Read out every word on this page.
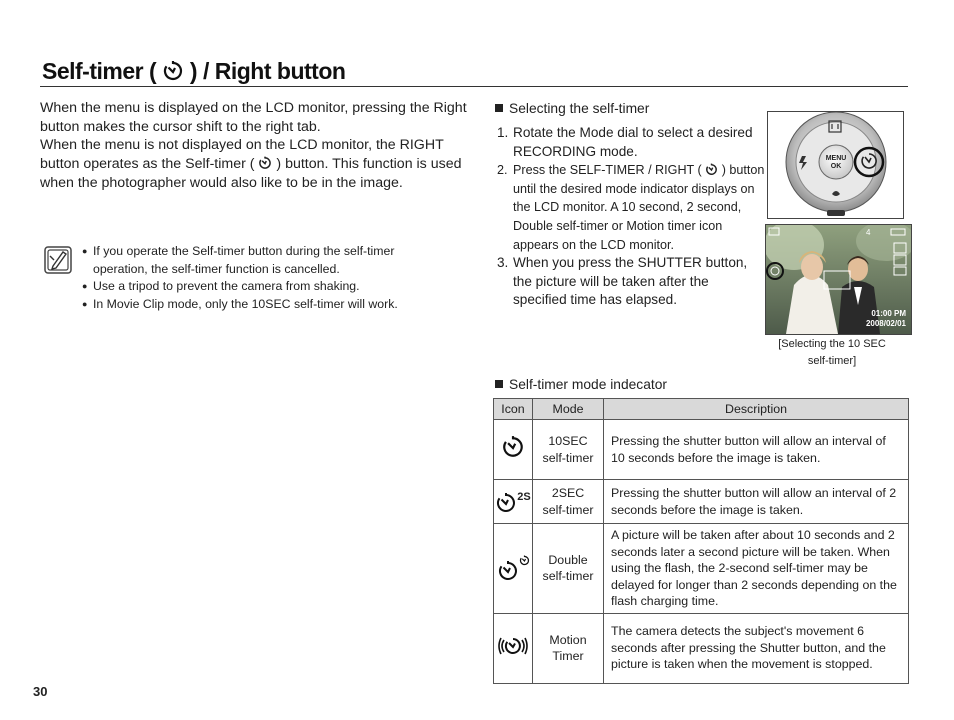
Self-timer ( ) / Right button

When the menu is displayed on the LCD monitor, pressing the Right button makes the cursor shift to the right tab.

When the menu is not displayed on the LCD monitor, the RIGHT button operates as the Self-timer ( ) button. This function is used when the photographer would also like to be in the image.

● If you operate the Self-timer button during the self-timer operation, the self-timer function is cancelled.
● Use a tripod to prevent the camera from shaking.
● In Movie Clip mode, only the 10SEC self-timer will work.
Selecting the self-timer
1. Rotate the Mode dial to select a desired RECORDING mode.
2. Press the SELF-TIMER / RIGHT ( ) button until the desired mode indicator displays on the LCD monitor. A 10 second, 2 second, Double self-timer or Motion timer icon appears on the LCD monitor.
3. When you press the SHUTTER button, the picture will be taken after the specified time has elapsed.
MENU
OK
4
01:00 PM
2008/02/01
[Selecting the 10 SEC self-timer]
Self-timer mode indecator
Icon	Mode	Description
	10SEC self-timer	Pressing the shutter button will allow an interval of 10 seconds before the image is taken.
2S	2SEC self-timer	Pressing the shutter button will allow an interval of 2 seconds before the image is taken.
	Double self-timer	A picture will be taken after about 10 seconds and 2 seconds later a second picture will be taken. When using the flash, the 2-second self-timer may be delayed for longer than 2 seconds depending on the flash charging time.
	Motion Timer	The camera detects the subject's movement 6 seconds after pressing the Shutter button, and the picture is taken when the movement is stopped.
30
